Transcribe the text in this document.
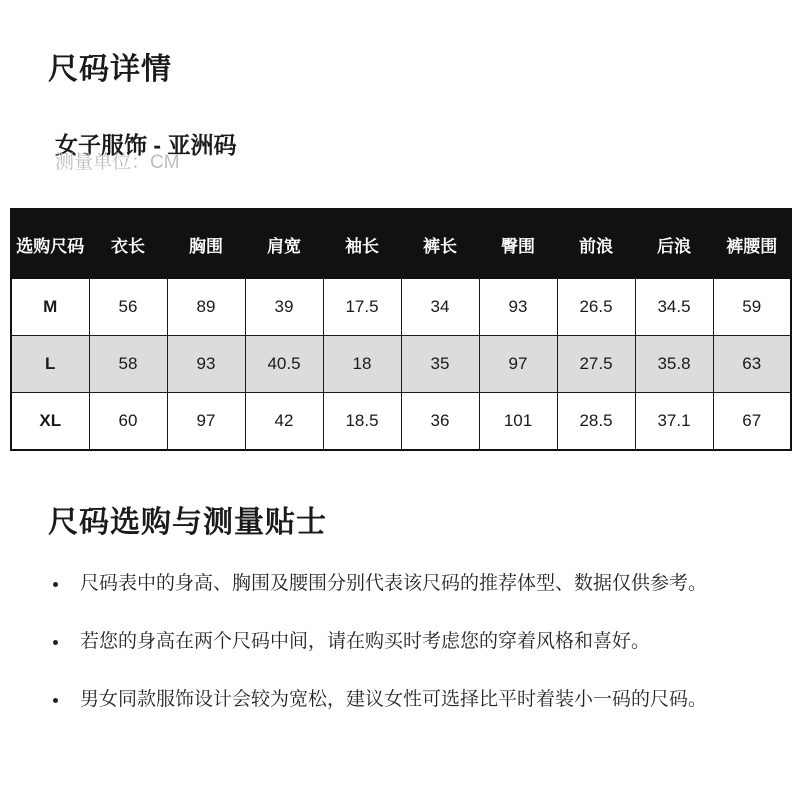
尺码详情
女子服饰 - 亚洲码
测量单位：CM
选购尺码	衣长	胸围	肩宽	袖长	裤长	臀围	前浪	后浪	裤腰围
M	56	89	39	17.5	34	93	26.5	34.5	59
L	58	93	40.5	18	35	97	27.5	35.8	63
XL	60	97	42	18.5	36	101	28.5	37.1	67
尺码选购与测量贴士
• 尺码表中的身高、胸围及腰围分别代表该尺码的推荐体型、数据仅供参考。
• 若您的身高在两个尺码中间，请在购买时考虑您的穿着风格和喜好。
• 男女同款服饰设计会较为宽松，建议女性可选择比平时着装小一码的尺码。
